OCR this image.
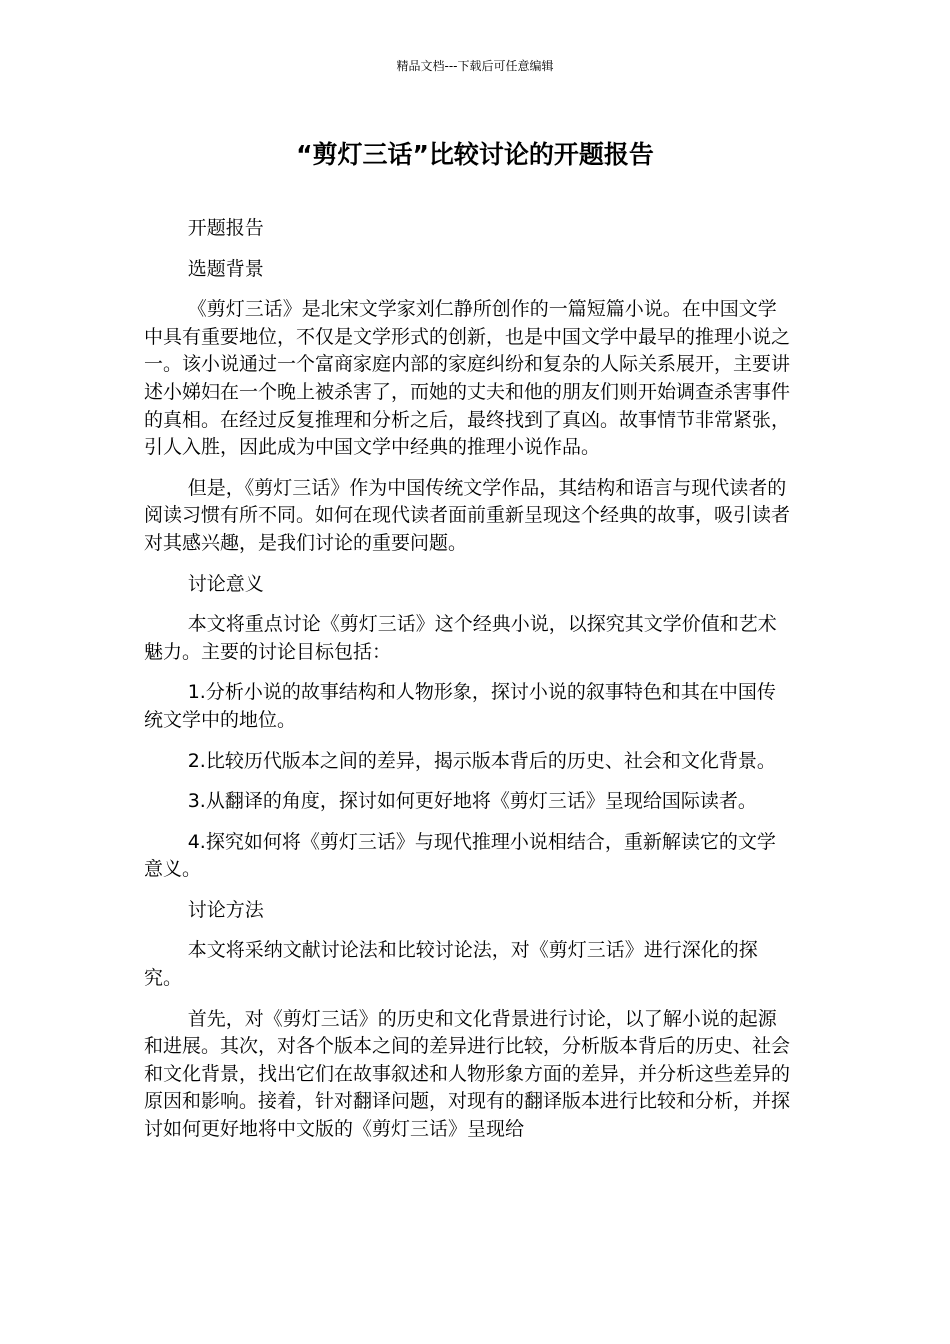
精品文档---下载后可任意编辑
“剪灯三话”比较讨论的开题报告

开题报告

选题背景

《剪灯三话》是北宋文学家刘仁静所创作的一篇短篇小说。在中国文学中具有重要地位，不仅是文学形式的创新，也是中国文学中最早的推理小说之一。该小说通过一个富商家庭内部的家庭纠纷和复杂的人际关系展开，主要讲述小娣妇在一个晚上被杀害了，而她的丈夫和他的朋友们则开始调查杀害事件的真相。在经过反复推理和分析之后，最终找到了真凶。故事情节非常紧张，引人入胜，因此成为中国文学中经典的推理小说作品。

但是，《剪灯三话》作为中国传统文学作品，其结构和语言与现代读者的阅读习惯有所不同。如何在现代读者面前重新呈现这个经典的故事，吸引读者对其感兴趣，是我们讨论的重要问题。

讨论意义

本文将重点讨论《剪灯三话》这个经典小说，以探究其文学价值和艺术魅力。主要的讨论目标包括：

1.分析小说的故事结构和人物形象，探讨小说的叙事特色和其在中国传统文学中的地位。

2.比较历代版本之间的差异，揭示版本背后的历史、社会和文化背景。

3.从翻译的角度，探讨如何更好地将《剪灯三话》呈现给国际读者。

4.探究如何将《剪灯三话》与现代推理小说相结合，重新解读它的文学意义。

讨论方法

本文将采纳文献讨论法和比较讨论法，对《剪灯三话》进行深化的探究。

首先，对《剪灯三话》的历史和文化背景进行讨论，以了解小说的起源和进展。其次，对各个版本之间的差异进行比较，分析版本背后的历史、社会和文化背景，找出它们在故事叙述和人物形象方面的差异，并分析这些差异的原因和影响。接着，针对翻译问题，对现有的翻译版本进行比较和分析，并探讨如何更好地将中文版的《剪灯三话》呈现给
